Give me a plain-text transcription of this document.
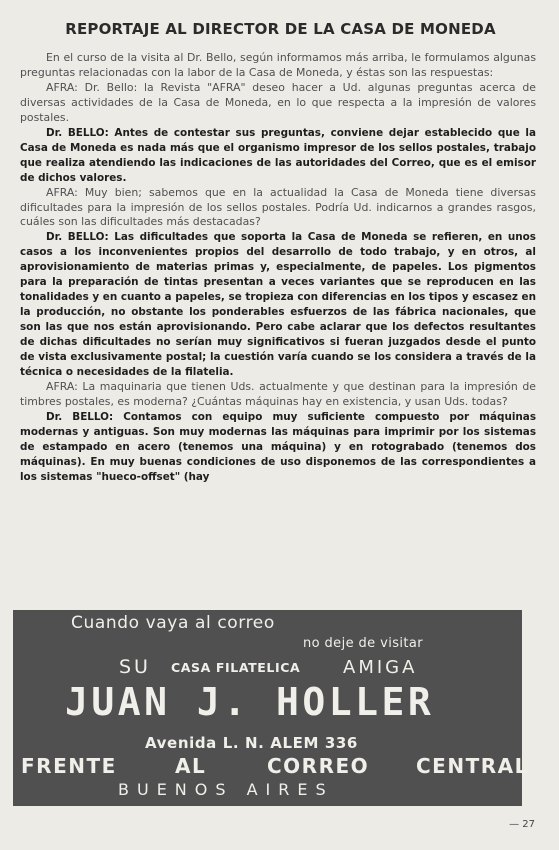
REPORTAJE AL DIRECTOR DE LA CASA DE MONEDA

En el curso de la visita al Dr. Bello, según informamos más arriba, le formulamos algunas preguntas relacionadas con la labor de la Casa de Moneda, y éstas son las respuestas:

AFRA: Dr. Bello: la Revista "AFRA" deseo hacer a Ud. algunas preguntas acerca de diversas actividades de la Casa de Moneda, en lo que respecta a la impresión de valores postales.

Dr. BELLO: Antes de contestar sus preguntas, conviene dejar establecido que la Casa de Moneda es nada más que el organismo impresor de los sellos postales, trabajo que realiza atendiendo las indicaciones de las autoridades del Correo, que es el emisor de dichos valores.

AFRA: Muy bien; sabemos que en la actualidad la Casa de Moneda tiene diversas dificultades para la impresión de los sellos postales. Podría Ud. indicarnos a grandes rasgos, cuáles son las dificultades más destacadas?

Dr. BELLO: Las dificultades que soporta la Casa de Moneda se refieren, en unos casos a los inconvenientes propios del desarrollo de todo trabajo, y en otros, al aprovisionamiento de materias primas y, especialmente, de papeles. Los pigmentos para la preparación de tintas presentan a veces variantes que se reproducen en las tonalidades y en cuanto a papeles, se tropieza con diferencias en los tipos y escasez en la producción, no obstante los ponderables esfuerzos de las fábrica nacionales, que son las que nos están aprovisionando. Pero cabe aclarar que los defectos resultantes de dichas dificultades no serían muy significativos si fueran juzgados desde el punto de vista exclusivamente postal; la cuestión varía cuando se los considera a través de la técnica o necesidades de la filatelia.

AFRA: La maquinaria que tienen Uds. actualmente y que destinan para la impresión de timbres postales, es moderna? ¿Cuántas máquinas hay en existencia, y usan Uds. todas?

Dr. BELLO: Contamos con equipo muy suficiente compuesto por máquinas modernas y antiguas. Son muy modernas las máquinas para imprimir por los sistemas de estampado en acero (tenemos una máquina) y en rotograbado (tenemos dos máquinas). En muy buenas condiciones de uso disponemos de las correspondientes a los sistemas "hueco-offset" (hay

Cuando vaya al correo
no deje de visitar
SU CASA FILATELICA AMIGA
JUAN J. HOLLER
Avenida L. N. ALEM 336
FRENTE	AL	CORREO CENTRAL
BUENOS AIRES
— 27
